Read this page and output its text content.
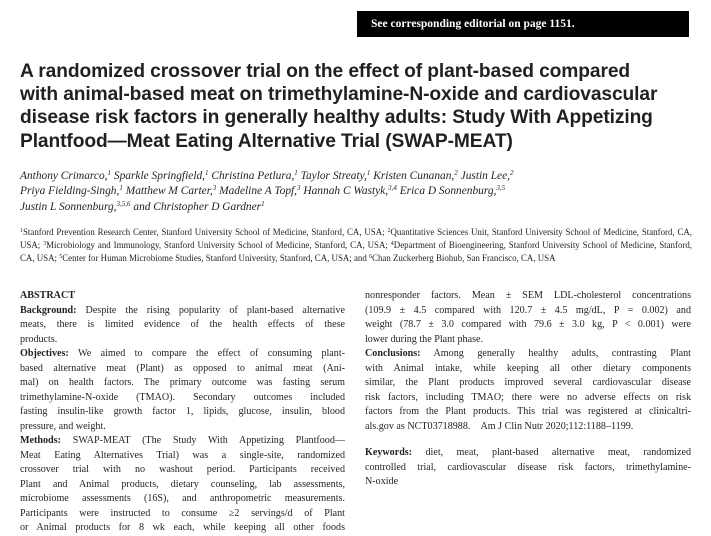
See corresponding editorial on page 1151.
A randomized crossover trial on the effect of plant-based compared
with animal-based meat on trimethylamine-N-oxide and cardiovascular
disease risk factors in generally healthy adults: Study With Appetizing
Plantfood—Meat Eating Alternative Trial (SWAP-MEAT)
Anthony Crimarco,$^1$ Sparkle Springfield,$^1$ Christina Petlura,$^1$ Taylor Streaty,$^1$ Kristen Cunanan,$^2$ Justin Lee,$^2$
Priya Fielding-Singh,$^1$ Matthew M Carter,$^3$ Madeline A Topf,$^3$ Hannah C Wastyk,$^{3,4}$ Erica D Sonnenburg,$^{3,5}$
Justin L Sonnenburg,$^{3,5,6}$ and Christopher D Gardner$^1$
$^1$Stanford Prevention Research Center, Stanford University School of Medicine, Stanford, CA, USA; $^2$Quantitative Sciences Unit, Stanford University School of Medicine, Stanford, CA, USA; $^3$Microbiology and Immunology, Stanford University School of Medicine, Stanford, CA, USA; $^4$Department of Bioengineering, Stanford University School of Medicine, Stanford, CA, USA; $^5$Center for Human Microbiome Studies, Stanford University, Stanford, CA, USA; and $^6$Chan Zuckerberg Biohub, San Francisco, CA, USA
ABSTRACT
Background: Despite the rising popularity of plant-based alternative
meats, there is limited evidence of the health effects of these
products.
Objectives: We aimed to compare the effect of consuming plant-
based alternative meat (Plant) as opposed to animal meat (Ani-
mal) on health factors. The primary outcome was fasting serum
trimethylamine-N-oxide (TMAO). Secondary outcomes included
fasting insulin-like growth factor 1, lipids, glucose, insulin, blood
pressure, and weight.
Methods: SWAP-MEAT (The Study With Appetizing Plantfood—
Meat Eating Alternatives Trial) was a single-site, randomized
crossover trial with no washout period. Participants received
Plant and Animal products, dietary counseling, lab assessments,
microbiome assessments (16S), and anthropometric measurements.
Participants were instructed to consume ≥2 servings/d of Plant
or Animal products for 8 wk each, while keeping all other foods
nonresponder factors. Mean ± SEM LDL-cholesterol concentrations
(109.9 ± 4.5 compared with 120.7 ± 4.5 mg/dL, P = 0.002) and
weight (78.7 ± 3.0 compared with 79.6 ± 3.0 kg, P < 0.001) were
lower during the Plant phase.
Conclusions: Among generally healthy adults, contrasting Plant
with Animal intake, while keeping all other dietary components
similar, the Plant products improved several cardiovascular disease
risk factors, including TMAO; there were no adverse effects on risk
factors from the Plant products. This trial was registered at clinicaltri-
als.gov as NCT03718988.    Am J Clin Nutr 2020;112:1188–1199.
Keywords: diet, meat, plant-based alternative meat, randomized
controlled trial, cardiovascular disease risk factors, trimethylamine-
N-oxide
